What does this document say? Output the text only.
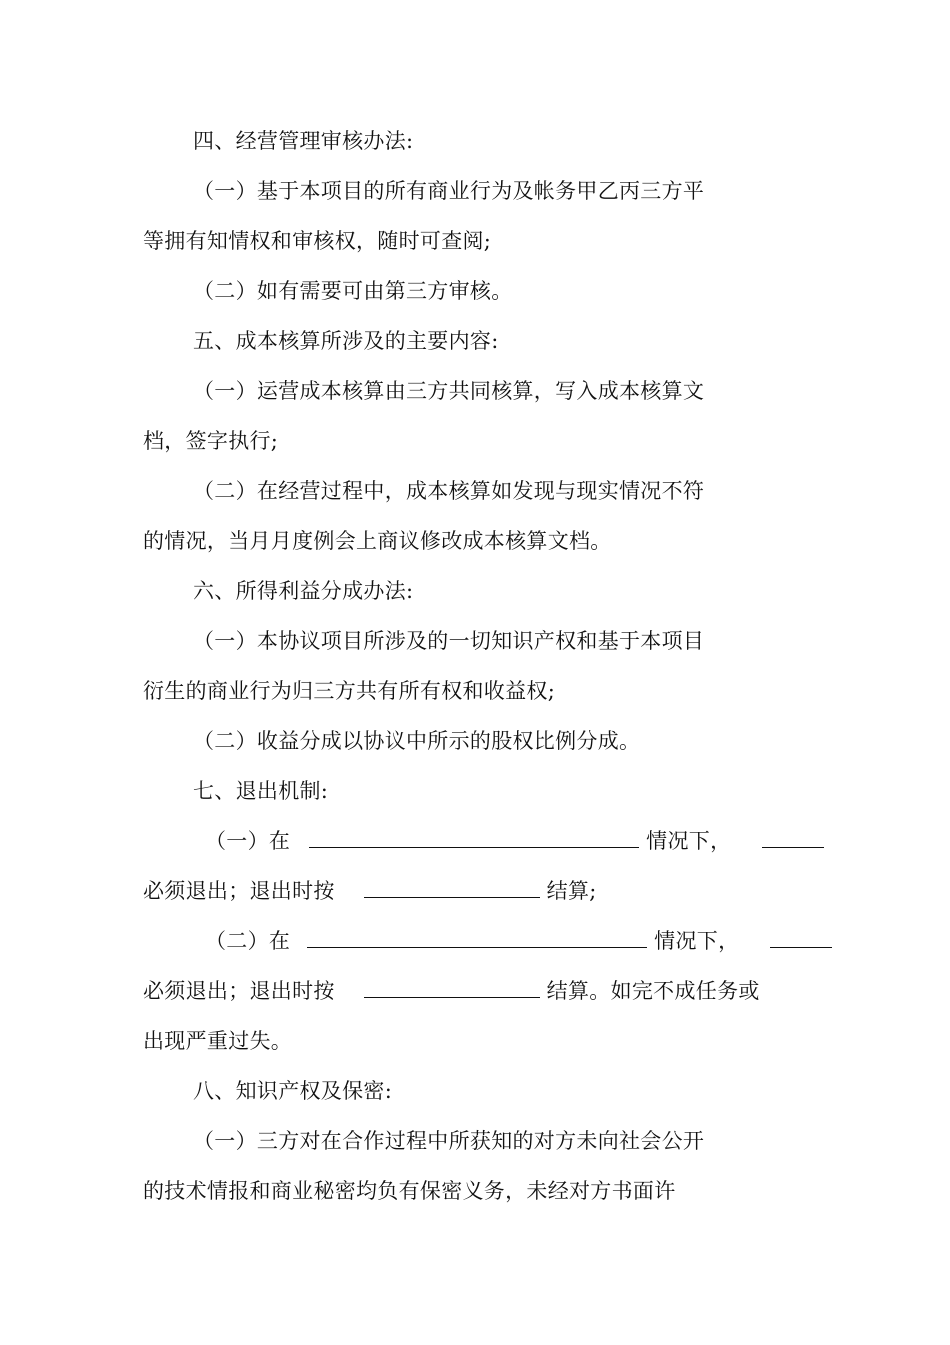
四、经营管理审核办法:
（一）基于本项目的所有商业行为及帐务甲乙丙三方平
等拥有知情权和审核权，随时可查阅;
（二）如有需要可由第三方审核。
五、成本核算所涉及的主要内容:
（一）运营成本核算由三方共同核算，写入成本核算文
档，签字执行;
（二）在经营过程中，成本核算如发现与现实情况不符
的情况，当月月度例会上商议修改成本核算文档。
六、所得利益分成办法:
（一）本协议项目所涉及的一切知识产权和基于本项目
衍生的商业行为归三方共有所有权和收益权;
（二）收益分成以协议中所示的股权比例分成。
七、退出机制:
（一）在	情况下，
必须退出；退出时按	结算;
（二）在	情况下，
必须退出；退出时按	结算。如完不成任务或
出现严重过失。
八、知识产权及保密:
（一）三方对在合作过程中所获知的对方未向社会公开
的技术情报和商业秘密均负有保密义务，未经对方书面许
